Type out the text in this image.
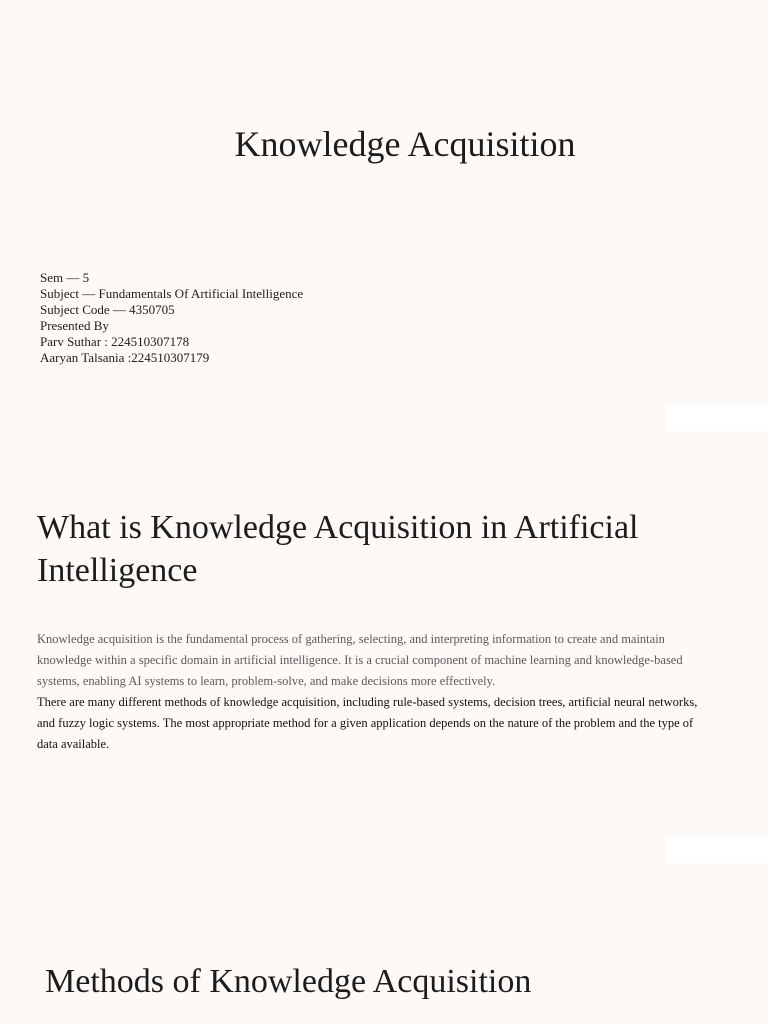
Knowledge Acquisition
Sem — 5
Subject — Fundamentals Of Artificial Intelligence
Subject Code — 4350705
Presented By
Parv Suthar : 224510307178
Aaryan Talsania :224510307179
What is Knowledge Acquisition in Artificial Intelligence

Knowledge acquisition is the fundamental process of gathering, selecting, and interpreting information to create and maintain knowledge within a specific domain in artificial intelligence. It is a crucial component of machine learning and knowledge-based systems, enabling AI systems to learn, problem-solve, and make decisions more effectively.

There are many different methods of knowledge acquisition, including rule-based systems, decision trees, artificial neural networks, and fuzzy logic systems. The most appropriate method for a given application depends on the nature of the problem and the type of data available.

Methods of Knowledge Acquisition
